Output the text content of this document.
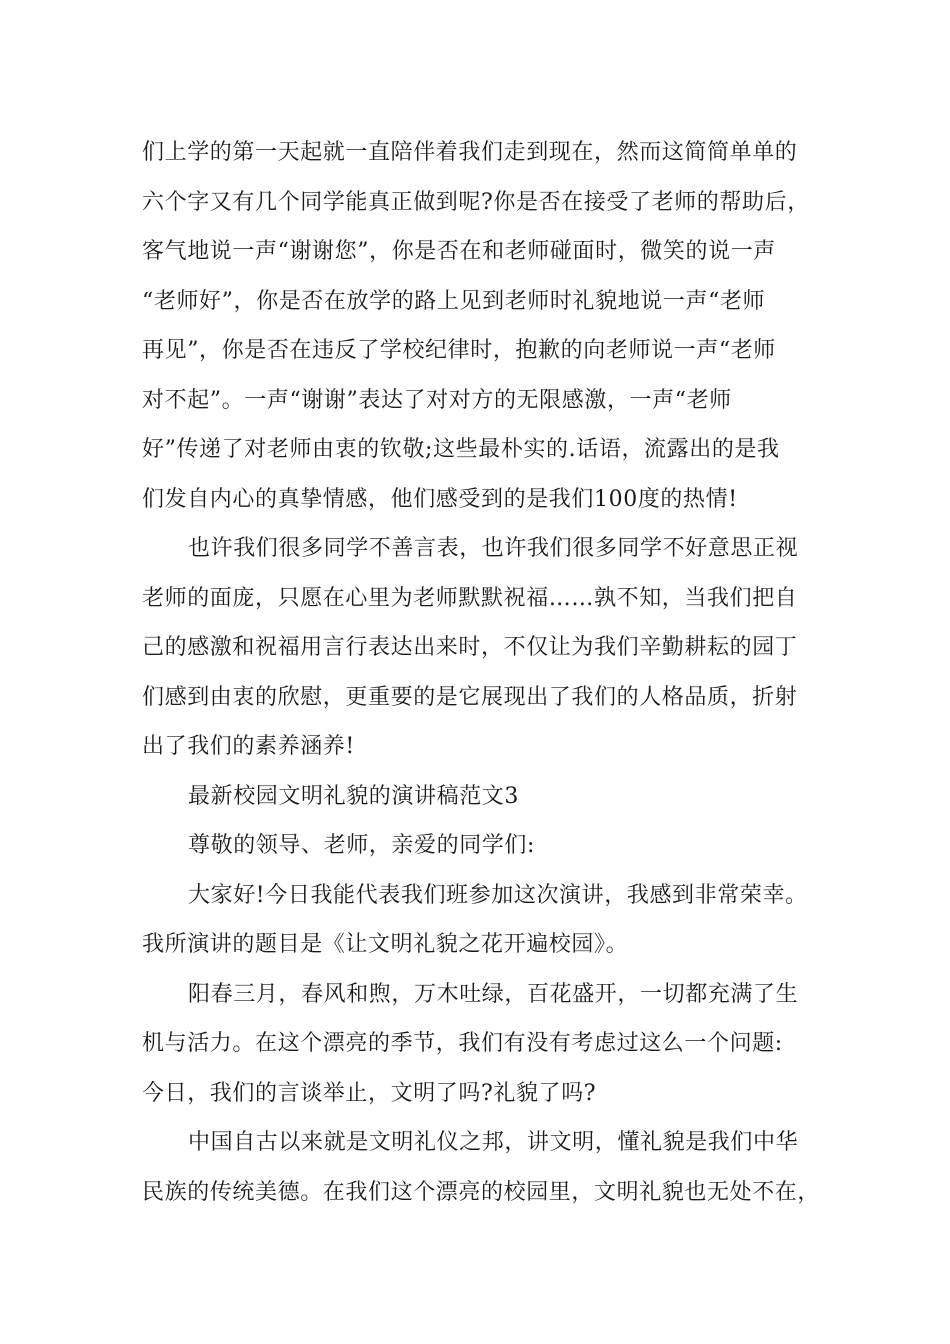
们上学的第一天起就一直陪伴着我们走到现在，然而这简简单单的
六个字又有几个同学能真正做到呢?你是否在接受了老师的帮助后，
客气地说一声“谢谢您”，你是否在和老师碰面时，微笑的说一声
“老师好”，你是否在放学的路上见到老师时礼貌地说一声“老师
再见”，你是否在违反了学校纪律时，抱歉的向老师说一声“老师
对不起”。一声“谢谢”表达了对对方的无限感激，一声“老师
好”传递了对老师由衷的钦敬;这些最朴实的.话语，流露出的是我
们发自内心的真挚情感，他们感受到的是我们100度的热情!
也许我们很多同学不善言表，也许我们很多同学不好意思正视
老师的面庞，只愿在心里为老师默默祝福……孰不知，当我们把自
己的感激和祝福用言行表达出来时，不仅让为我们辛勤耕耘的园丁
们感到由衷的欣慰，更重要的是它展现出了我们的人格品质，折射
出了我们的素养涵养!
最新校园文明礼貌的演讲稿范文3
尊敬的领导、老师，亲爱的同学们:
大家好!今日我能代表我们班参加这次演讲，我感到非常荣幸。
我所演讲的题目是《让文明礼貌之花开遍校园》。
阳春三月，春风和煦，万木吐绿，百花盛开，一切都充满了生
机与活力。在这个漂亮的季节，我们有没有考虑过这么一个问题:
今日，我们的言谈举止，文明了吗?礼貌了吗?
中国自古以来就是文明礼仪之邦，讲文明，懂礼貌是我们中华
民族的传统美德。在我们这个漂亮的校园里，文明礼貌也无处不在，
